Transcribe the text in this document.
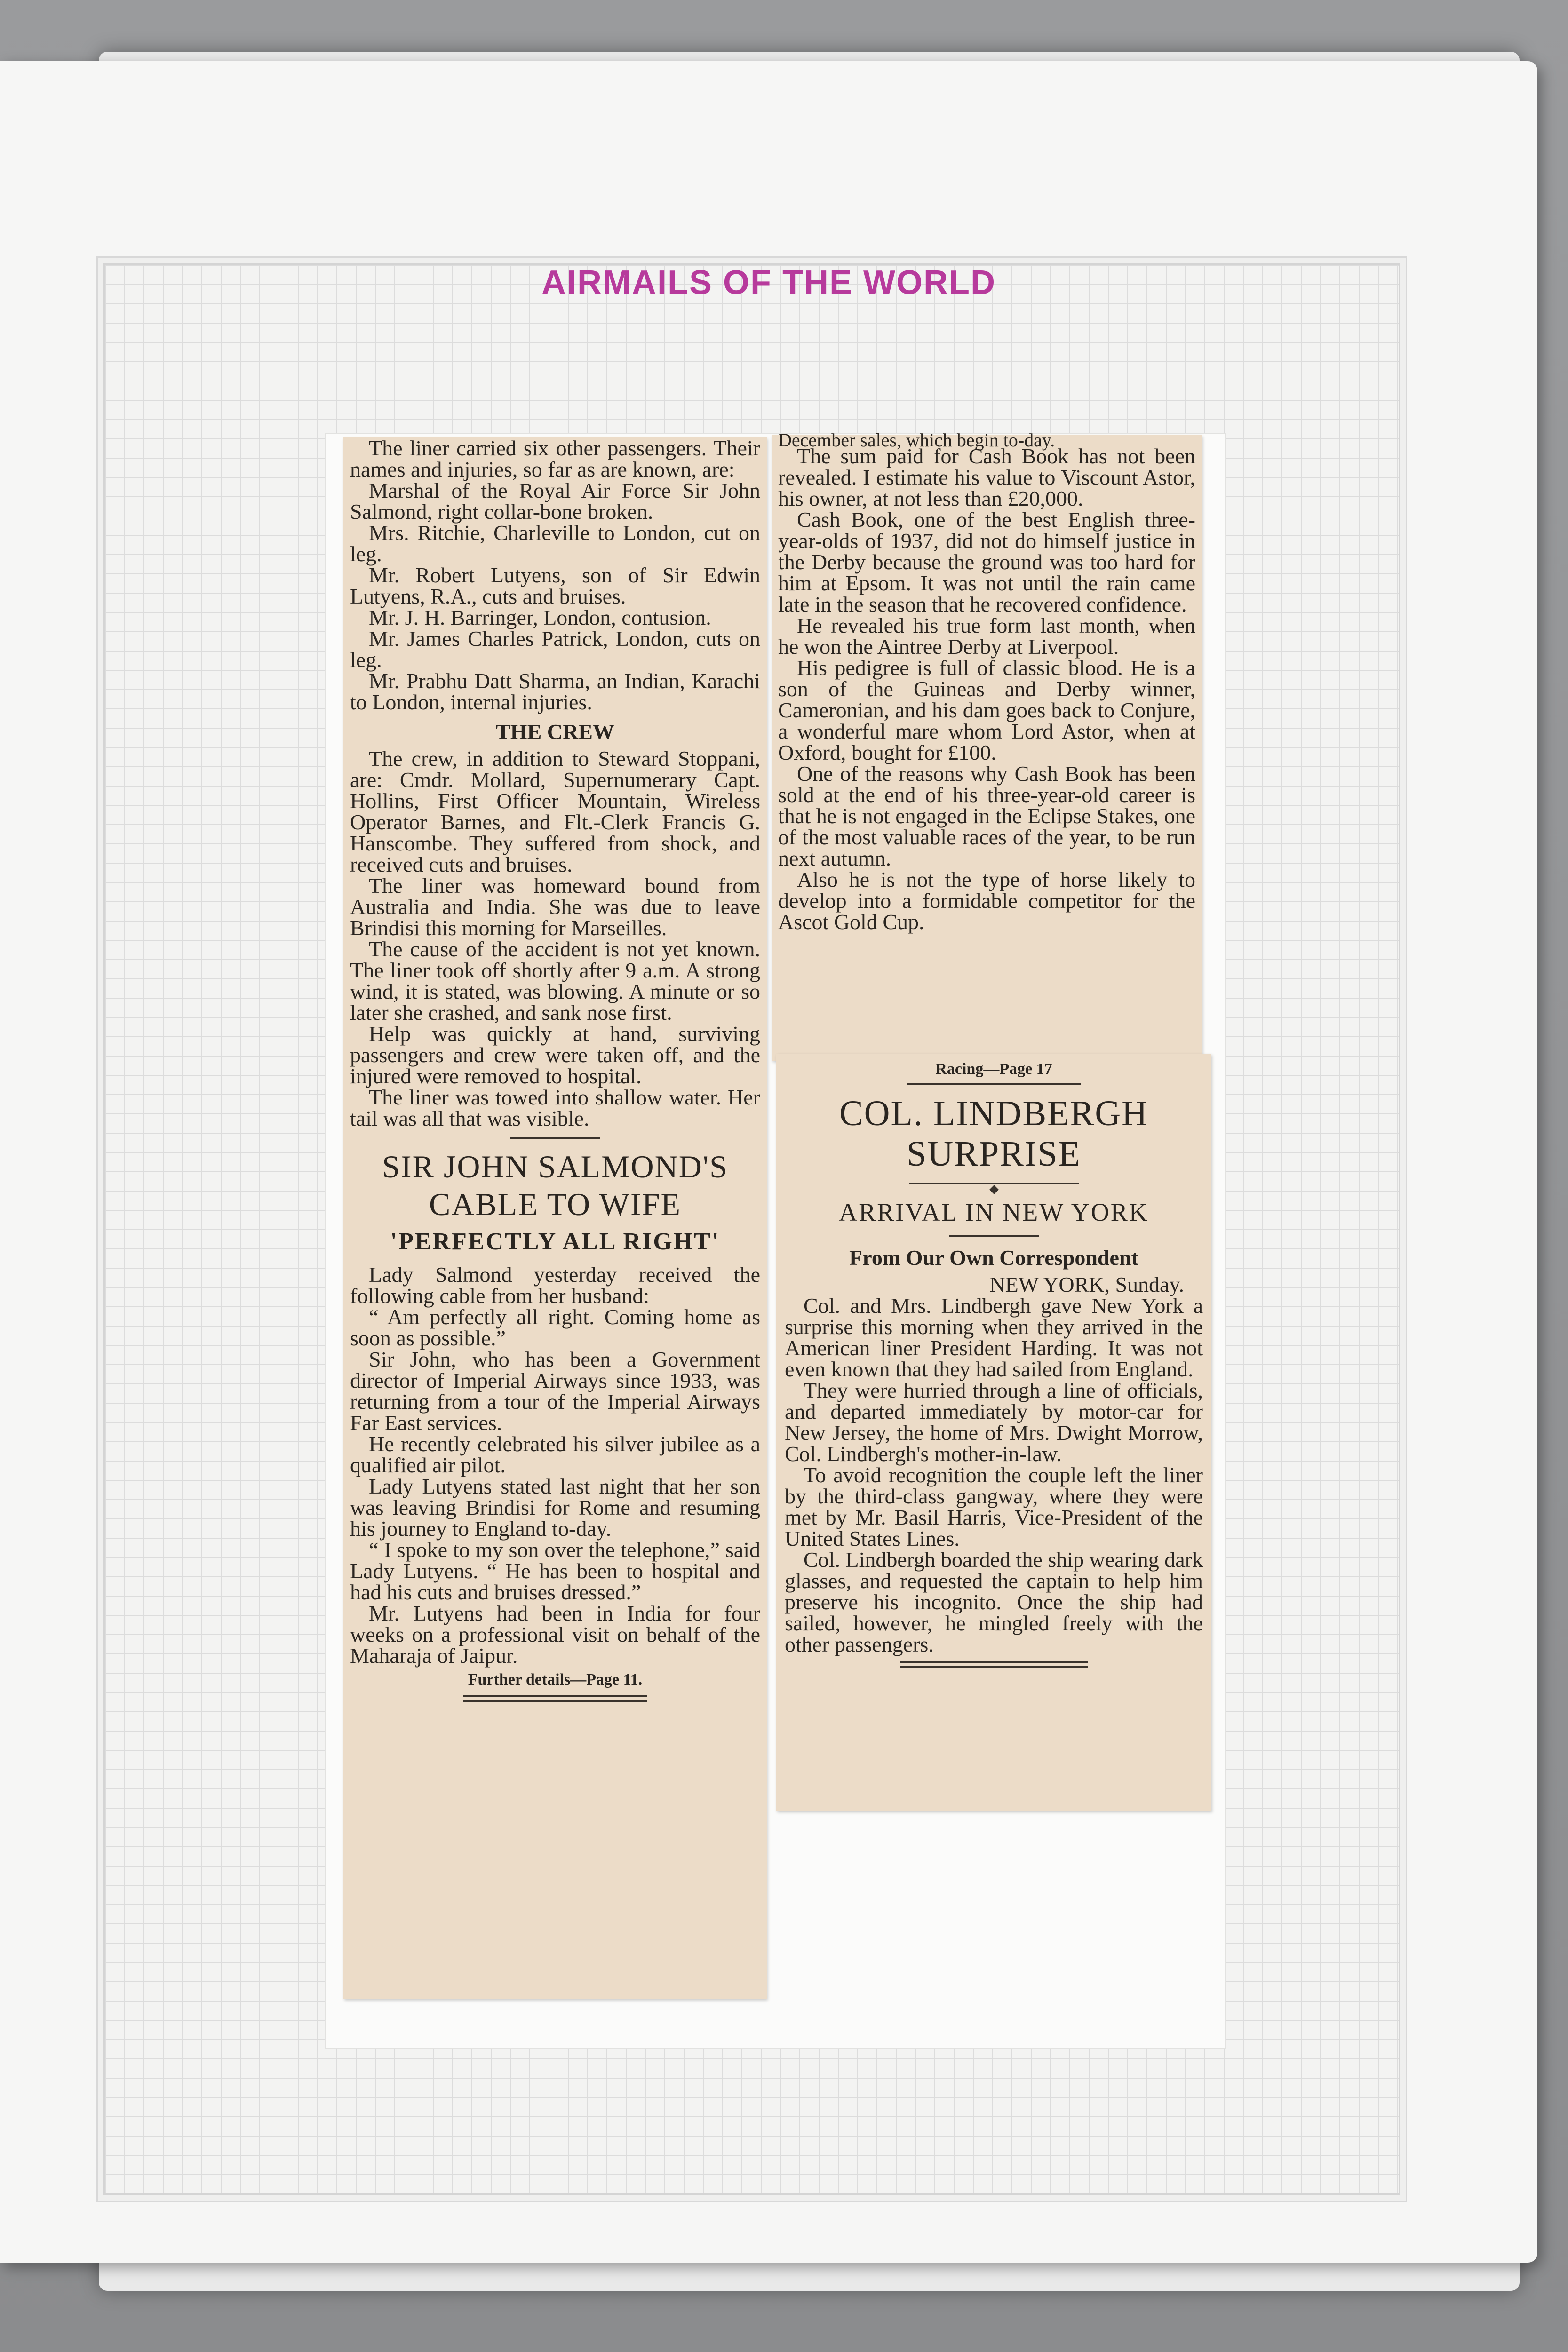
AIRMAILS OF THE WORLD

The liner carried six other passengers. Their names and injuries, so far as are known, are:

Marshal of the Royal Air Force Sir John Salmond, right collar-bone broken.

Mrs. Ritchie, Charleville to London, cut on leg.

Mr. Robert Lutyens, son of Sir Edwin Lutyens, R.A., cuts and bruises.

Mr. J. H. Barringer, London, contusion.

Mr. James Charles Patrick, London, cuts on leg.

Mr. Prabhu Datt Sharma, an Indian, Karachi to London, internal injuries.

THE CREW

The crew, in addition to Steward Stoppani, are: Cmdr. Mollard, Supernumerary Capt. Hollins, First Officer Mountain, Wireless Operator Barnes, and Flt.-Clerk Francis G. Hanscombe. They suffered from shock, and received cuts and bruises.

The liner was homeward bound from Australia and India. She was due to leave Brindisi this morning for Marseilles.

The cause of the accident is not yet known. The liner took off shortly after 9 a.m. A strong wind, it is stated, was blowing. A minute or so later she crashed, and sank nose first.

Help was quickly at hand, surviving passengers and crew were taken off, and the injured were removed to hospital.

The liner was towed into shallow water. Her tail was all that was visible.

SIR JOHN SALMOND'S CABLE TO WIFE
'PERFECTLY ALL RIGHT'

Lady Salmond yesterday received the following cable from her husband:

“ Am perfectly all right. Coming home as soon as possible.”

Sir John, who has been a Government director of Imperial Airways since 1933, was returning from a tour of the Imperial Airways Far East services.

He recently celebrated his silver jubilee as a qualified air pilot.

Lady Lutyens stated last night that her son was leaving Brindisi for Rome and resuming his journey to England to-day.

“ I spoke to my son over the telephone,” said Lady Lutyens. “ He has been to hospital and had his cuts and bruises dressed.”

Mr. Lutyens had been in India for four weeks on a professional visit on behalf of the Maharaja of Jaipur.

Further details—Page 11.
December sales, which begin to-day.

The sum paid for Cash Book has not been revealed. I estimate his value to Viscount Astor, his owner, at not less than £20,000.

Cash Book, one of the best English three-year-olds of 1937, did not do himself justice in the Derby because the ground was too hard for him at Epsom. It was not until the rain came late in the season that he recovered confidence.

He revealed his true form last month, when he won the Aintree Derby at Liverpool.

His pedigree is full of classic blood. He is a son of the Guineas and Derby winner, Cameronian, and his dam goes back to Conjure, a wonderful mare whom Lord Astor, when at Oxford, bought for £100.

One of the reasons why Cash Book has been sold at the end of his three-year-old career is that he is not engaged in the Eclipse Stakes, one of the most valuable races of the year, to be run next autumn.

Also he is not the type of horse likely to develop into a formidable competitor for the Ascot Gold Cup.

Racing—Page 17
COL. LINDBERGH SURPRISE
ARRIVAL IN NEW YORK
From Our Own Correspondent

NEW YORK, Sunday.

Col. and Mrs. Lindbergh gave New York a surprise this morning when they arrived in the American liner President Harding. It was not even known that they had sailed from England.

They were hurried through a line of officials, and departed immediately by motor-car for New Jersey, the home of Mrs. Dwight Morrow, Col. Lindbergh's mother-in-law.

To avoid recognition the couple left the liner by the third-class gangway, where they were met by Mr. Basil Harris, Vice-President of the United States Lines.

Col. Lindbergh boarded the ship wearing dark glasses, and requested the captain to help him preserve his incognito. Once the ship had sailed, however, he mingled freely with the other passengers.
